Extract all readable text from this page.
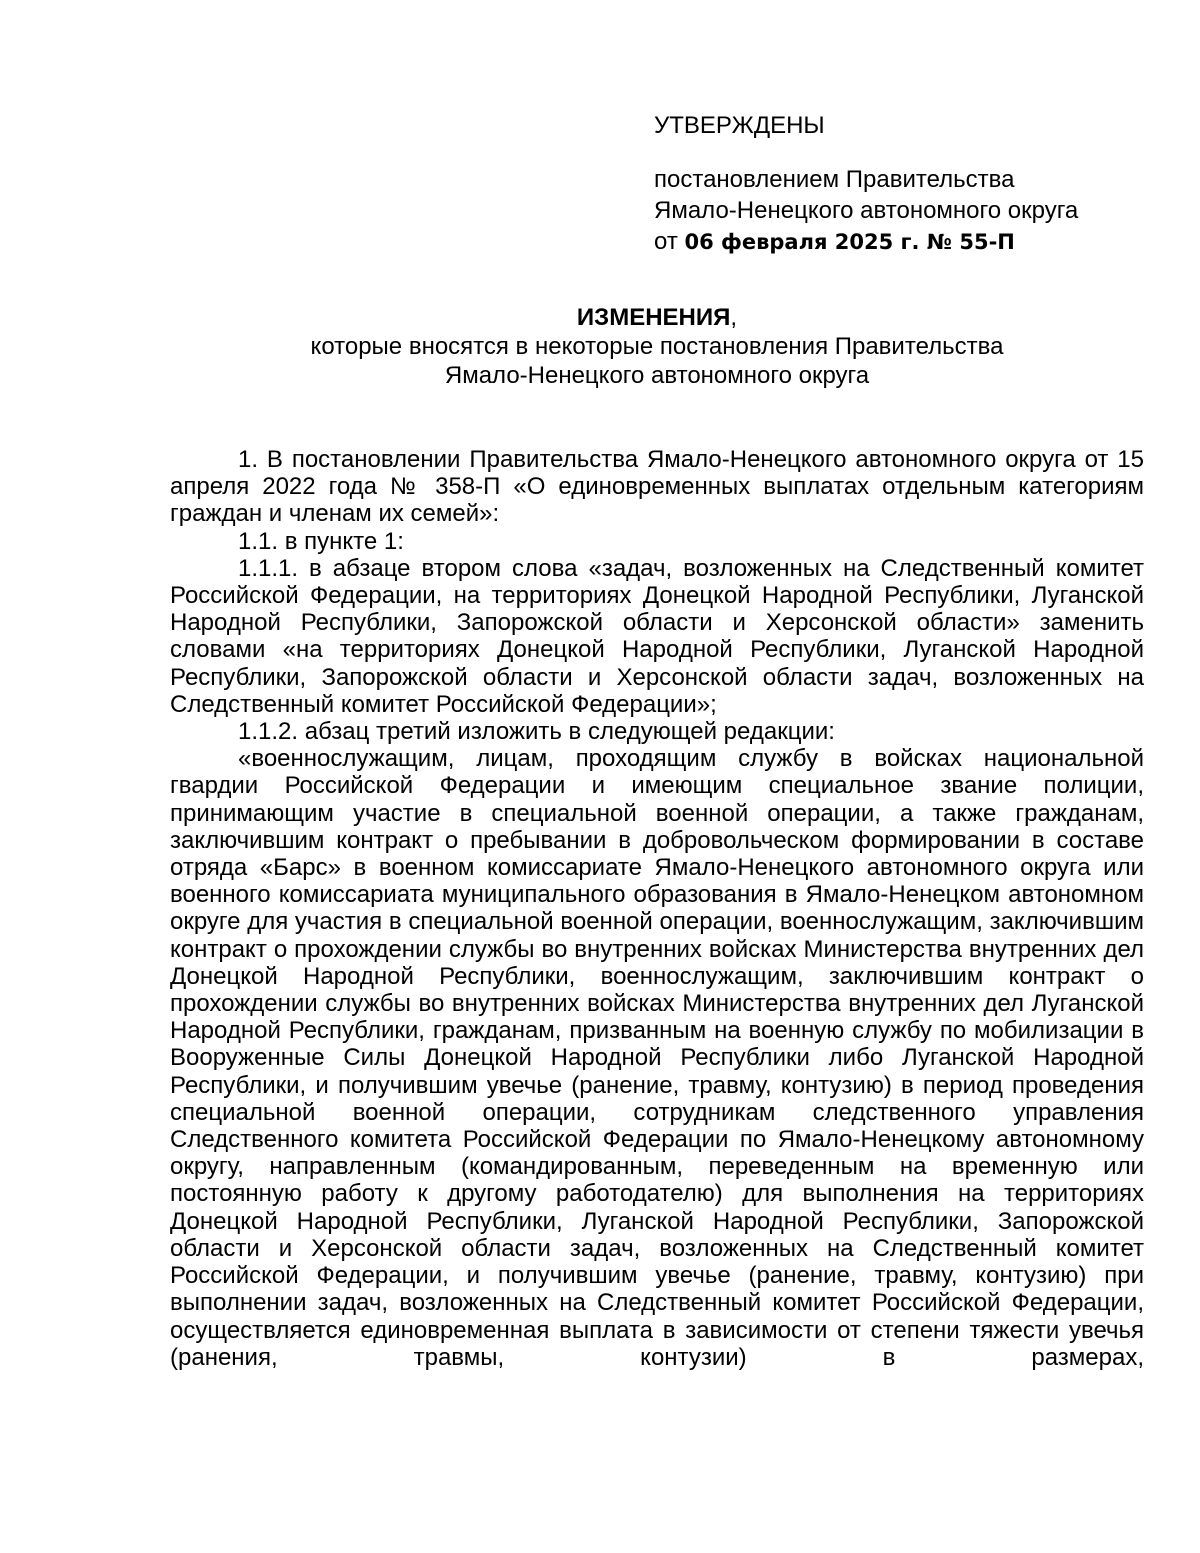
УТВЕРЖДЕНЫ
постановлением Правительства
Ямало-Ненецкого автономного округа
от 06 февраля 2025 г. № 55-П
ИЗМЕНЕНИЯ,
которые вносятся в некоторые постановления Правительства
Ямало-Ненецкого автономного округа

1. В постановлении Правительства Ямало-Ненецкого автономного округа от 15 апреля 2022 года № 358-П «О единовременных выплатах отдельным категориям граждан и членам их семей»:

1.1. в пункте 1:

1.1.1. в абзаце втором слова «задач, возложенных на Следственный комитет Российской Федерации, на территориях Донецкой Народной Республики, Луганской Народной Республики, Запорожской области и Херсонской области» заменить словами «на территориях Донецкой Народной Республики, Луганской Народной Республики, Запорожской области и Херсонской области задач, возложенных на Следственный комитет Российской Федерации»;

1.1.2. абзац третий изложить в следующей редакции:

«военнослужащим, лицам, проходящим службу в войсках национальной гвардии Российской Федерации и имеющим специальное звание полиции, принимающим участие в специальной военной операции, а также гражданам, заключившим контракт о пребывании в добровольческом формировании в составе отряда «Барс» в военном комиссариате Ямало-Ненецкого автономного округа или военного комиссариата муниципального образования в Ямало-Ненецком автономном округе для участия в специальной военной операции, военнослужащим, заключившим контракт о прохождении службы во внутренних войсках Министерства внутренних дел Донецкой Народной Республики, военнослужащим, заключившим контракт о прохождении службы во внутренних войсках Министерства внутренних дел Луганской Народной Республики, гражданам, призванным на военную службу по мобилизации в Вооруженные Силы Донецкой Народной Республики либо Луганской Народной Республики, и получившим увечье (ранение, травму, контузию) в период проведения специальной военной операции, сотрудникам следственного управления Следственного комитета Российской Федерации по Ямало-Ненецкому автономному округу, направленным (командированным, переведенным на временную или постоянную работу к другому работодателю) для выполнения на территориях Донецкой Народной Республики, Луганской Народной Республики, Запорожской области и Херсонской области задач, возложенных на Следственный комитет Российской Федерации, и получившим увечье (ранение, травму, контузию) при выполнении задач, возложенных на Следственный комитет Российской Федерации, осуществляется единовременная выплата в зависимости от степени тяжести увечья (ранения, травмы, контузии) в размерах,
